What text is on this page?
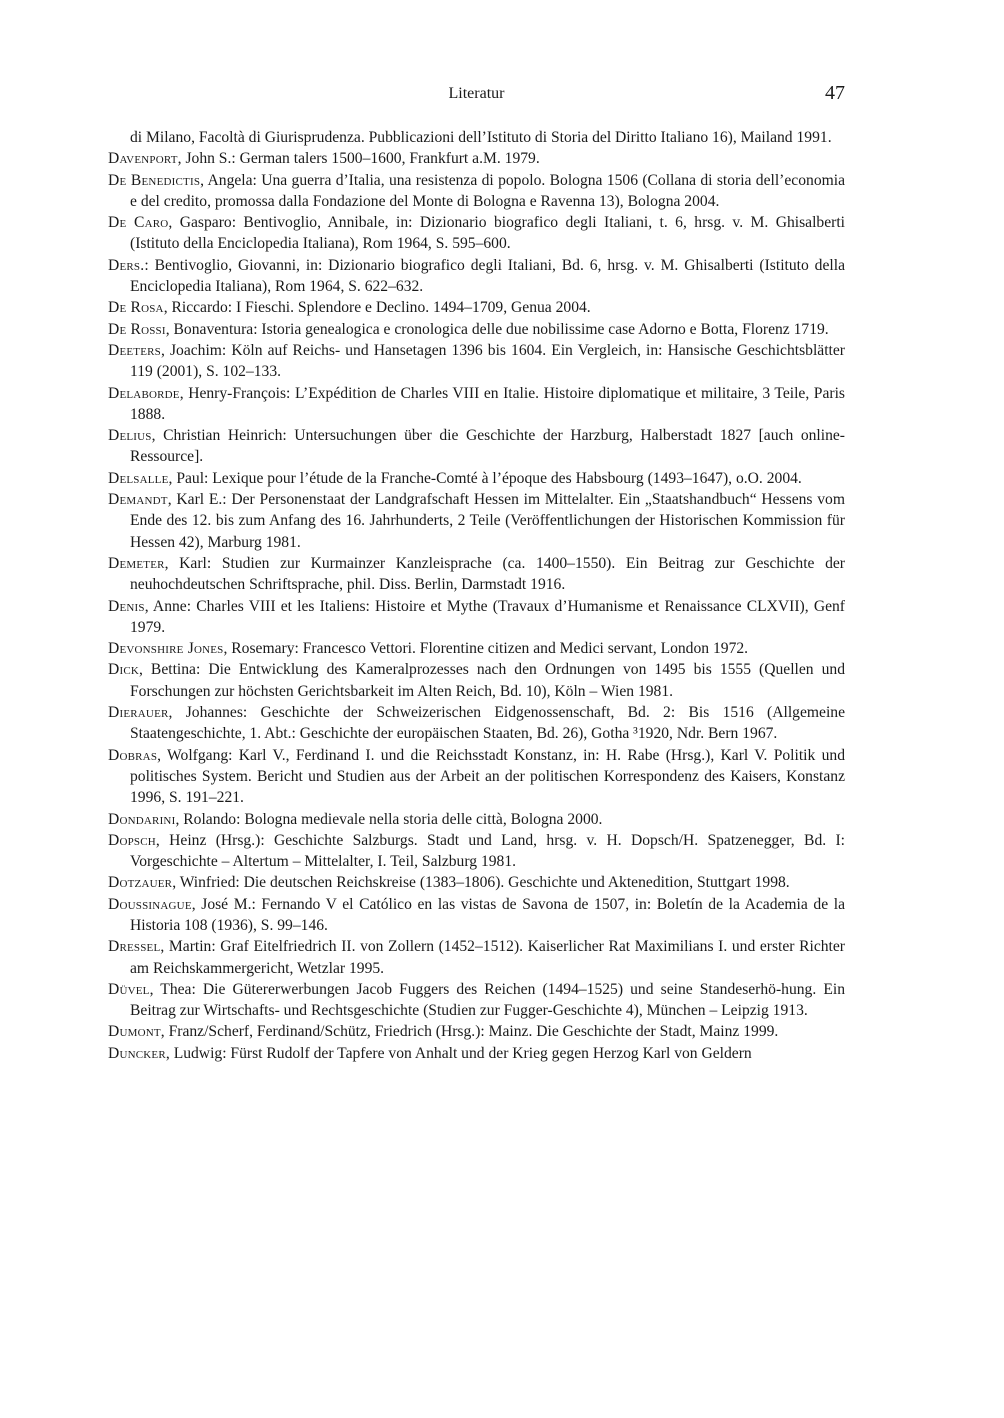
Literatur	47
di Milano, Facoltà di Giurisprudenza. Pubblicazioni dell’Istituto di Storia del Diritto Italiano 16), Mailand 1991.
Davenport, John S.: German talers 1500–1600, Frankfurt a.M. 1979.
De Benedictis, Angela: Una guerra d’Italia, una resistenza di popolo. Bologna 1506 (Collana di storia dell’economia e del credito, promossa dalla Fondazione del Monte di Bologna e Ravenna 13), Bologna 2004.
De Caro, Gasparo: Bentivoglio, Annibale, in: Dizionario biografico degli Italiani, t. 6, hrsg. v. M. Ghisalberti (Istituto della Enciclopedia Italiana), Rom 1964, S. 595–600.
Ders.: Bentivoglio, Giovanni, in: Dizionario biografico degli Italiani, Bd. 6, hrsg. v. M. Ghisalberti (Istituto della Enciclopedia Italiana), Rom 1964, S. 622–632.
De Rosa, Riccardo: I Fieschi. Splendore e Declino. 1494–1709, Genua 2004.
De Rossi, Bonaventura: Istoria genealogica e cronologica delle due nobilissime case Adorno e Botta, Florenz 1719.
Deeters, Joachim: Köln auf Reichs- und Hansetagen 1396 bis 1604. Ein Vergleich, in: Hansische Geschichtsblätter 119 (2001), S. 102–133.
Delaborde, Henry-François: L’Expédition de Charles VIII en Italie. Histoire diplomatique et militaire, 3 Teile, Paris 1888.
Delius, Christian Heinrich: Untersuchungen über die Geschichte der Harzburg, Halberstadt 1827 [auch online-Ressource].
Delsalle, Paul: Lexique pour l’étude de la Franche-Comté à l’époque des Habsbourg (1493–1647), o.O. 2004.
Demandt, Karl E.: Der Personenstaat der Landgrafschaft Hessen im Mittelalter. Ein „Staatshandbuch“ Hessens vom Ende des 12. bis zum Anfang des 16. Jahrhunderts, 2 Teile (Veröffentlichungen der Historischen Kommission für Hessen 42), Marburg 1981.
Demeter, Karl: Studien zur Kurmainzer Kanzleisprache (ca. 1400–1550). Ein Beitrag zur Geschichte der neuhochdeutschen Schriftsprache, phil. Diss. Berlin, Darmstadt 1916.
Denis, Anne: Charles VIII et les Italiens: Histoire et Mythe (Travaux d’Humanisme et Renaissance CLXVII), Genf 1979.
Devonshire Jones, Rosemary: Francesco Vettori. Florentine citizen and Medici servant, London 1972.
Dick, Bettina: Die Entwicklung des Kameralprozesses nach den Ordnungen von 1495 bis 1555 (Quellen und Forschungen zur höchsten Gerichtsbarkeit im Alten Reich, Bd. 10), Köln – Wien 1981.
Dierauer, Johannes: Geschichte der Schweizerischen Eidgenossenschaft, Bd. 2: Bis 1516 (Allgemeine Staatengeschichte, 1. Abt.: Geschichte der europäischen Staaten, Bd. 26), Gotha ³1920, Ndr. Bern 1967.
Dobras, Wolfgang: Karl V., Ferdinand I. und die Reichsstadt Konstanz, in: H. Rabe (Hrsg.), Karl V. Politik und politisches System. Bericht und Studien aus der Arbeit an der politischen Korrespondenz des Kaisers, Konstanz 1996, S. 191–221.
Dondarini, Rolando: Bologna medievale nella storia delle città, Bologna 2000.
Dopsch, Heinz (Hrsg.): Geschichte Salzburgs. Stadt und Land, hrsg. v. H. Dopsch/H. Spatzenegger, Bd. I: Vorgeschichte – Altertum – Mittelalter, I. Teil, Salzburg 1981.
Dotzauer, Winfried: Die deutschen Reichskreise (1383–1806). Geschichte und Aktenedition, Stuttgart 1998.
Doussinague, José M.: Fernando V el Católico en las vistas de Savona de 1507, in: Boletín de la Academia de la Historia 108 (1936), S. 99–146.
Dressel, Martin: Graf Eitelfriedrich II. von Zollern (1452–1512). Kaiserlicher Rat Maximilians I. und erster Richter am Reichskammergericht, Wetzlar 1995.
Düvel, Thea: Die Gütererwerbungen Jacob Fuggers des Reichen (1494–1525) und seine Standeserhö-hung. Ein Beitrag zur Wirtschafts- und Rechtsgeschichte (Studien zur Fugger-Geschichte 4), München – Leipzig 1913.
Dumont, Franz/Scherf, Ferdinand/Schütz, Friedrich (Hrsg.): Mainz. Die Geschichte der Stadt, Mainz 1999.
Duncker, Ludwig: Fürst Rudolf der Tapfere von Anhalt und der Krieg gegen Herzog Karl von Geldern
